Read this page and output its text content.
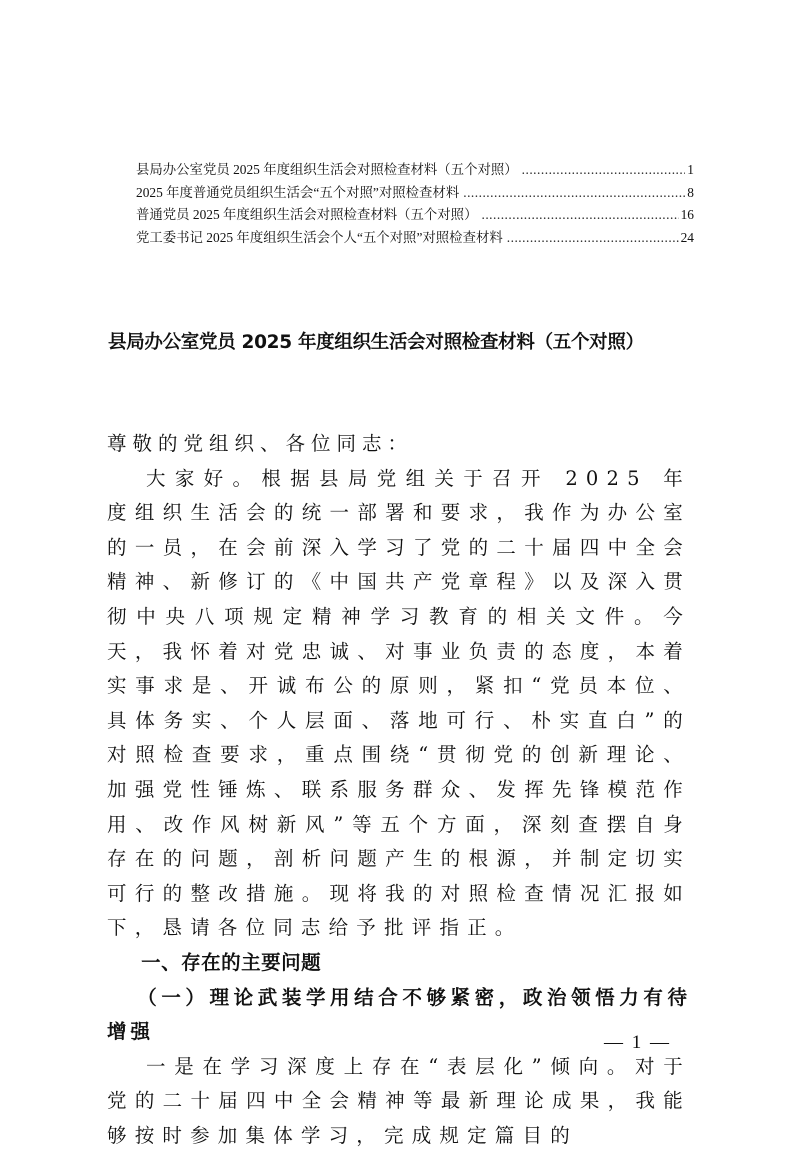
县局办公室党员 2025 年度组织生活会对照检查材料（五个对照） .....	1
2025 年度普通党员组织生活会“五个对照”对照检查材料 .....	8
普通党员 2025 年度组织生活会对照检查材料（五个对照） .....	16
党工委书记 2025 年度组织生活会个人“五个对照”对照检查材料 .....	24
县局办公室党员 2025 年度组织生活会对照检查材料（五个对照）

尊敬的党组织、各位同志：

大家好。根据县局党组关于召开 2025 年度组织生活会的统一部署和要求，我作为办公室的一员，在会前深入学习了党的二十届四中全会精神、新修订的《中国共产党章程》以及深入贯彻中央八项规定精神学习教育的相关文件。今天，我怀着对党忠诚、对事业负责的态度，本着实事求是、开诚布公的原则，紧扣“党员本位、具体务实、个人层面、落地可行、朴实直白”的对照检查要求，重点围绕“贯彻党的创新理论、加强党性锤炼、联系服务群众、发挥先锋模范作用、改作风树新风”等五个方面，深刻查摆自身存在的问题，剖析问题产生的根源，并制定切实可行的整改措施。现将我的对照检查情况汇报如下，恳请各位同志给予批评指正。

一、存在的主要问题

（一）理论武装学用结合不够紧密，政治领悟力有待增强

一是在学习深度上存在“表层化”倾向。对于党的二十届四中全会精神等最新理论成果，我能够按时参加集体学习，完成规定篇目的

— 1 —
